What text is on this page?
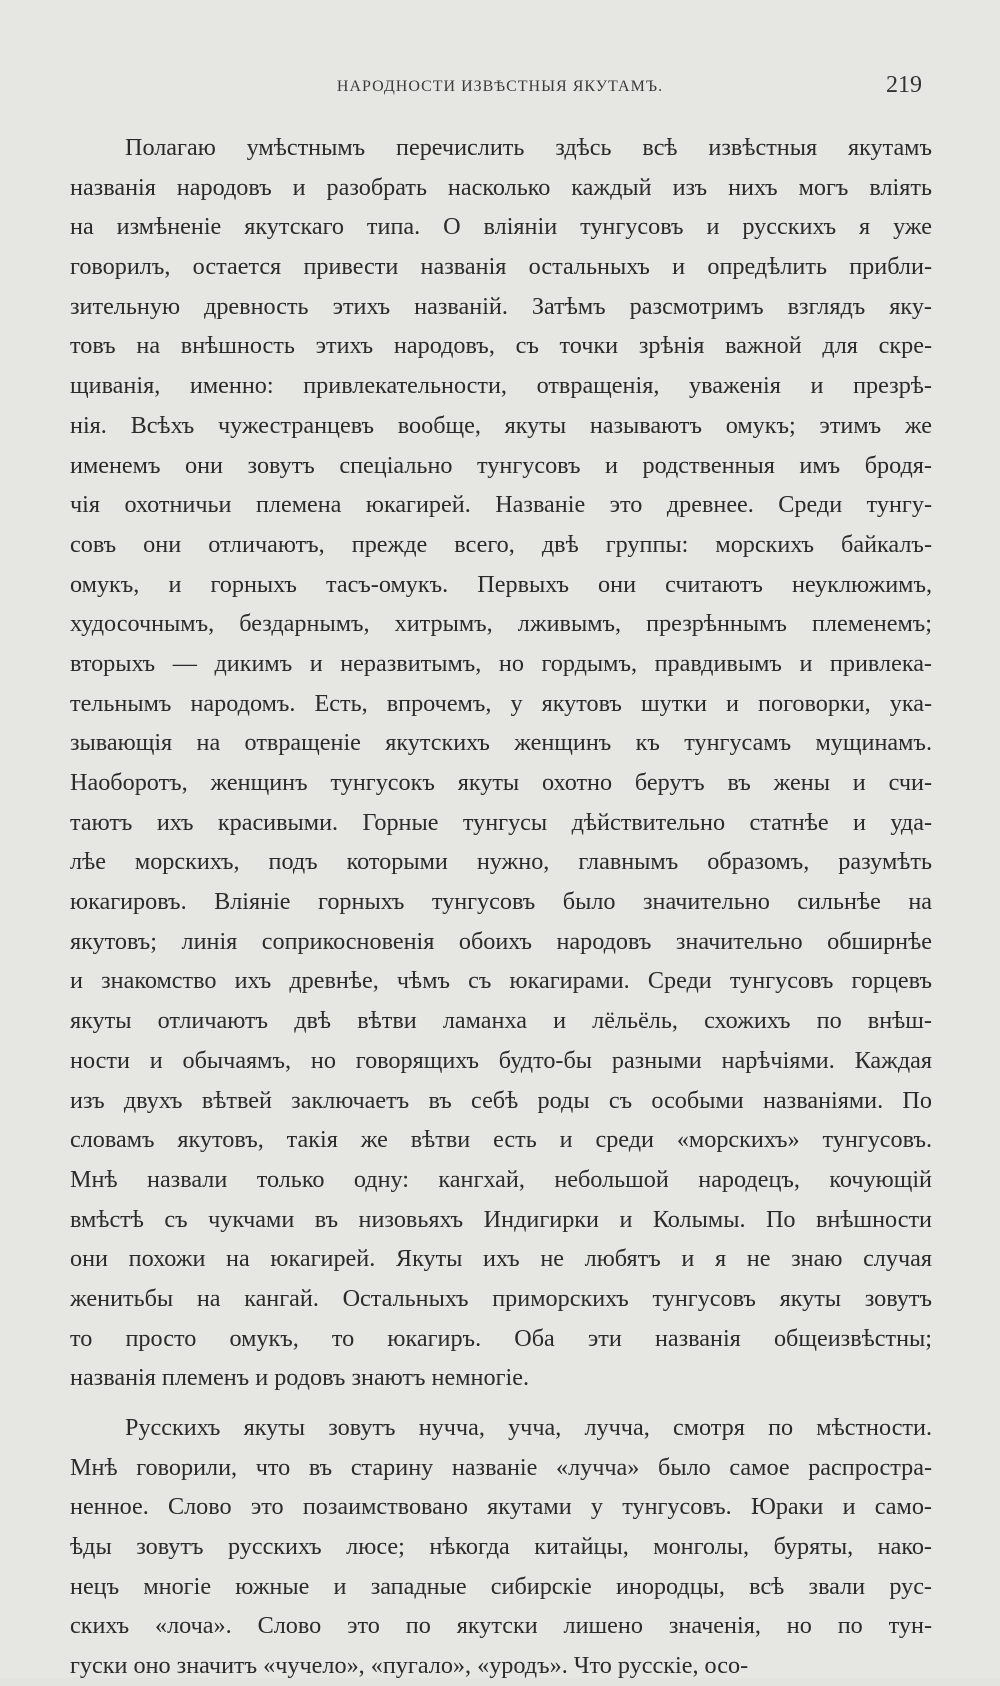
НАРОДНОСТИ ИЗВѢСТНЫЯ ЯКУТАМЪ.	219
Полагаю умѣстнымъ перечислить здѣсь всѣ извѣстныя якутамъ
названія народовъ и разобрать насколько каждый изъ нихъ могъ вліять
на измѣненіе якутскаго типа. О вліяніи тунгусовъ и русскихъ я уже
говорилъ, остается привести названія остальныхъ и опредѣлить прибли-
зительную древность этихъ названій. Затѣмъ разсмотримъ взглядъ яку-
товъ на внѣшность этихъ народовъ, съ точки зрѣнія важной для скре-
щиванія, именно: привлекательности, отвращенія, уваженія и презрѣ-
нія. Всѣхъ чужестранцевъ вообще, якуты называютъ омукъ; этимъ же
именемъ они зовутъ спеціально тунгусовъ и родственныя имъ бродя-
чія охотничьи племена юкагирей. Названіе это древнее. Среди тунгу-
совъ они отличаютъ, прежде всего, двѣ группы: морскихъ байкалъ-
омукъ, и горныхъ тасъ-омукъ. Первыхъ они считаютъ неуклюжимъ,
худосочнымъ, бездарнымъ, хитрымъ, лживымъ, презрѣннымъ племенемъ;
вторыхъ — дикимъ и неразвитымъ, но гордымъ, правдивымъ и привлека-
тельнымъ народомъ. Есть, впрочемъ, у якутовъ шутки и поговорки, ука-
зывающія на отвращеніе якутскихъ женщинъ къ тунгусамъ мущинамъ.
Наоборотъ, женщинъ тунгусокъ якуты охотно берутъ въ жены и счи-
таютъ ихъ красивыми. Горные тунгусы дѣйствительно статнѣе и уда-
лѣе морскихъ, подъ которыми нужно, главнымъ образомъ, разумѣть
юкагировъ. Вліяніе горныхъ тунгусовъ было значительно сильнѣе на
якутовъ; линія соприкосновенія обоихъ народовъ значительно обширнѣе
и знакомство ихъ древнѣе, чѣмъ съ юкагирами. Среди тунгусовъ горцевъ
якуты отличаютъ двѣ вѣтви ламанха и лёльёль, схожихъ по внѣш-
ности и обычаямъ, но говорящихъ будто-бы разными нарѣчіями. Каждая
изъ двухъ вѣтвей заключаетъ въ себѣ роды съ особыми названіями. По
словамъ якутовъ, такія же вѣтви есть и среди «морскихъ» тунгусовъ.
Мнѣ назвали только одну: кангхай, небольшой народецъ, кочующій
вмѣстѣ съ чукчами въ низовьяхъ Индигирки и Колымы. По внѣшности
они похожи на юкагирей. Якуты ихъ не любятъ и я не знаю случая
женитьбы на кангай. Остальныхъ приморскихъ тунгусовъ якуты зовутъ
то просто омукъ, то юкагиръ. Оба эти названія общеизвѣстны;
названія племенъ и родовъ знаютъ немногіе.
Русскихъ якуты зовутъ нучча, учча, лучча, смотря по мѣстности.
Мнѣ говорили, что въ старину названіе «лучча» было самое распростра-
ненное. Слово это позаимствовано якутами у тунгусовъ. Юраки и само-
ѣды зовутъ русскихъ люсе; нѣкогда китайцы, монголы, буряты, нако-
нецъ многіе южные и западные сибирскіе инородцы, всѣ звали рус-
скихъ «лоча». Слово это по якутски лишено значенія, но по тун-
гуски оно значитъ «чучело», «пугало», «уродъ». Что русскіе, осо-
